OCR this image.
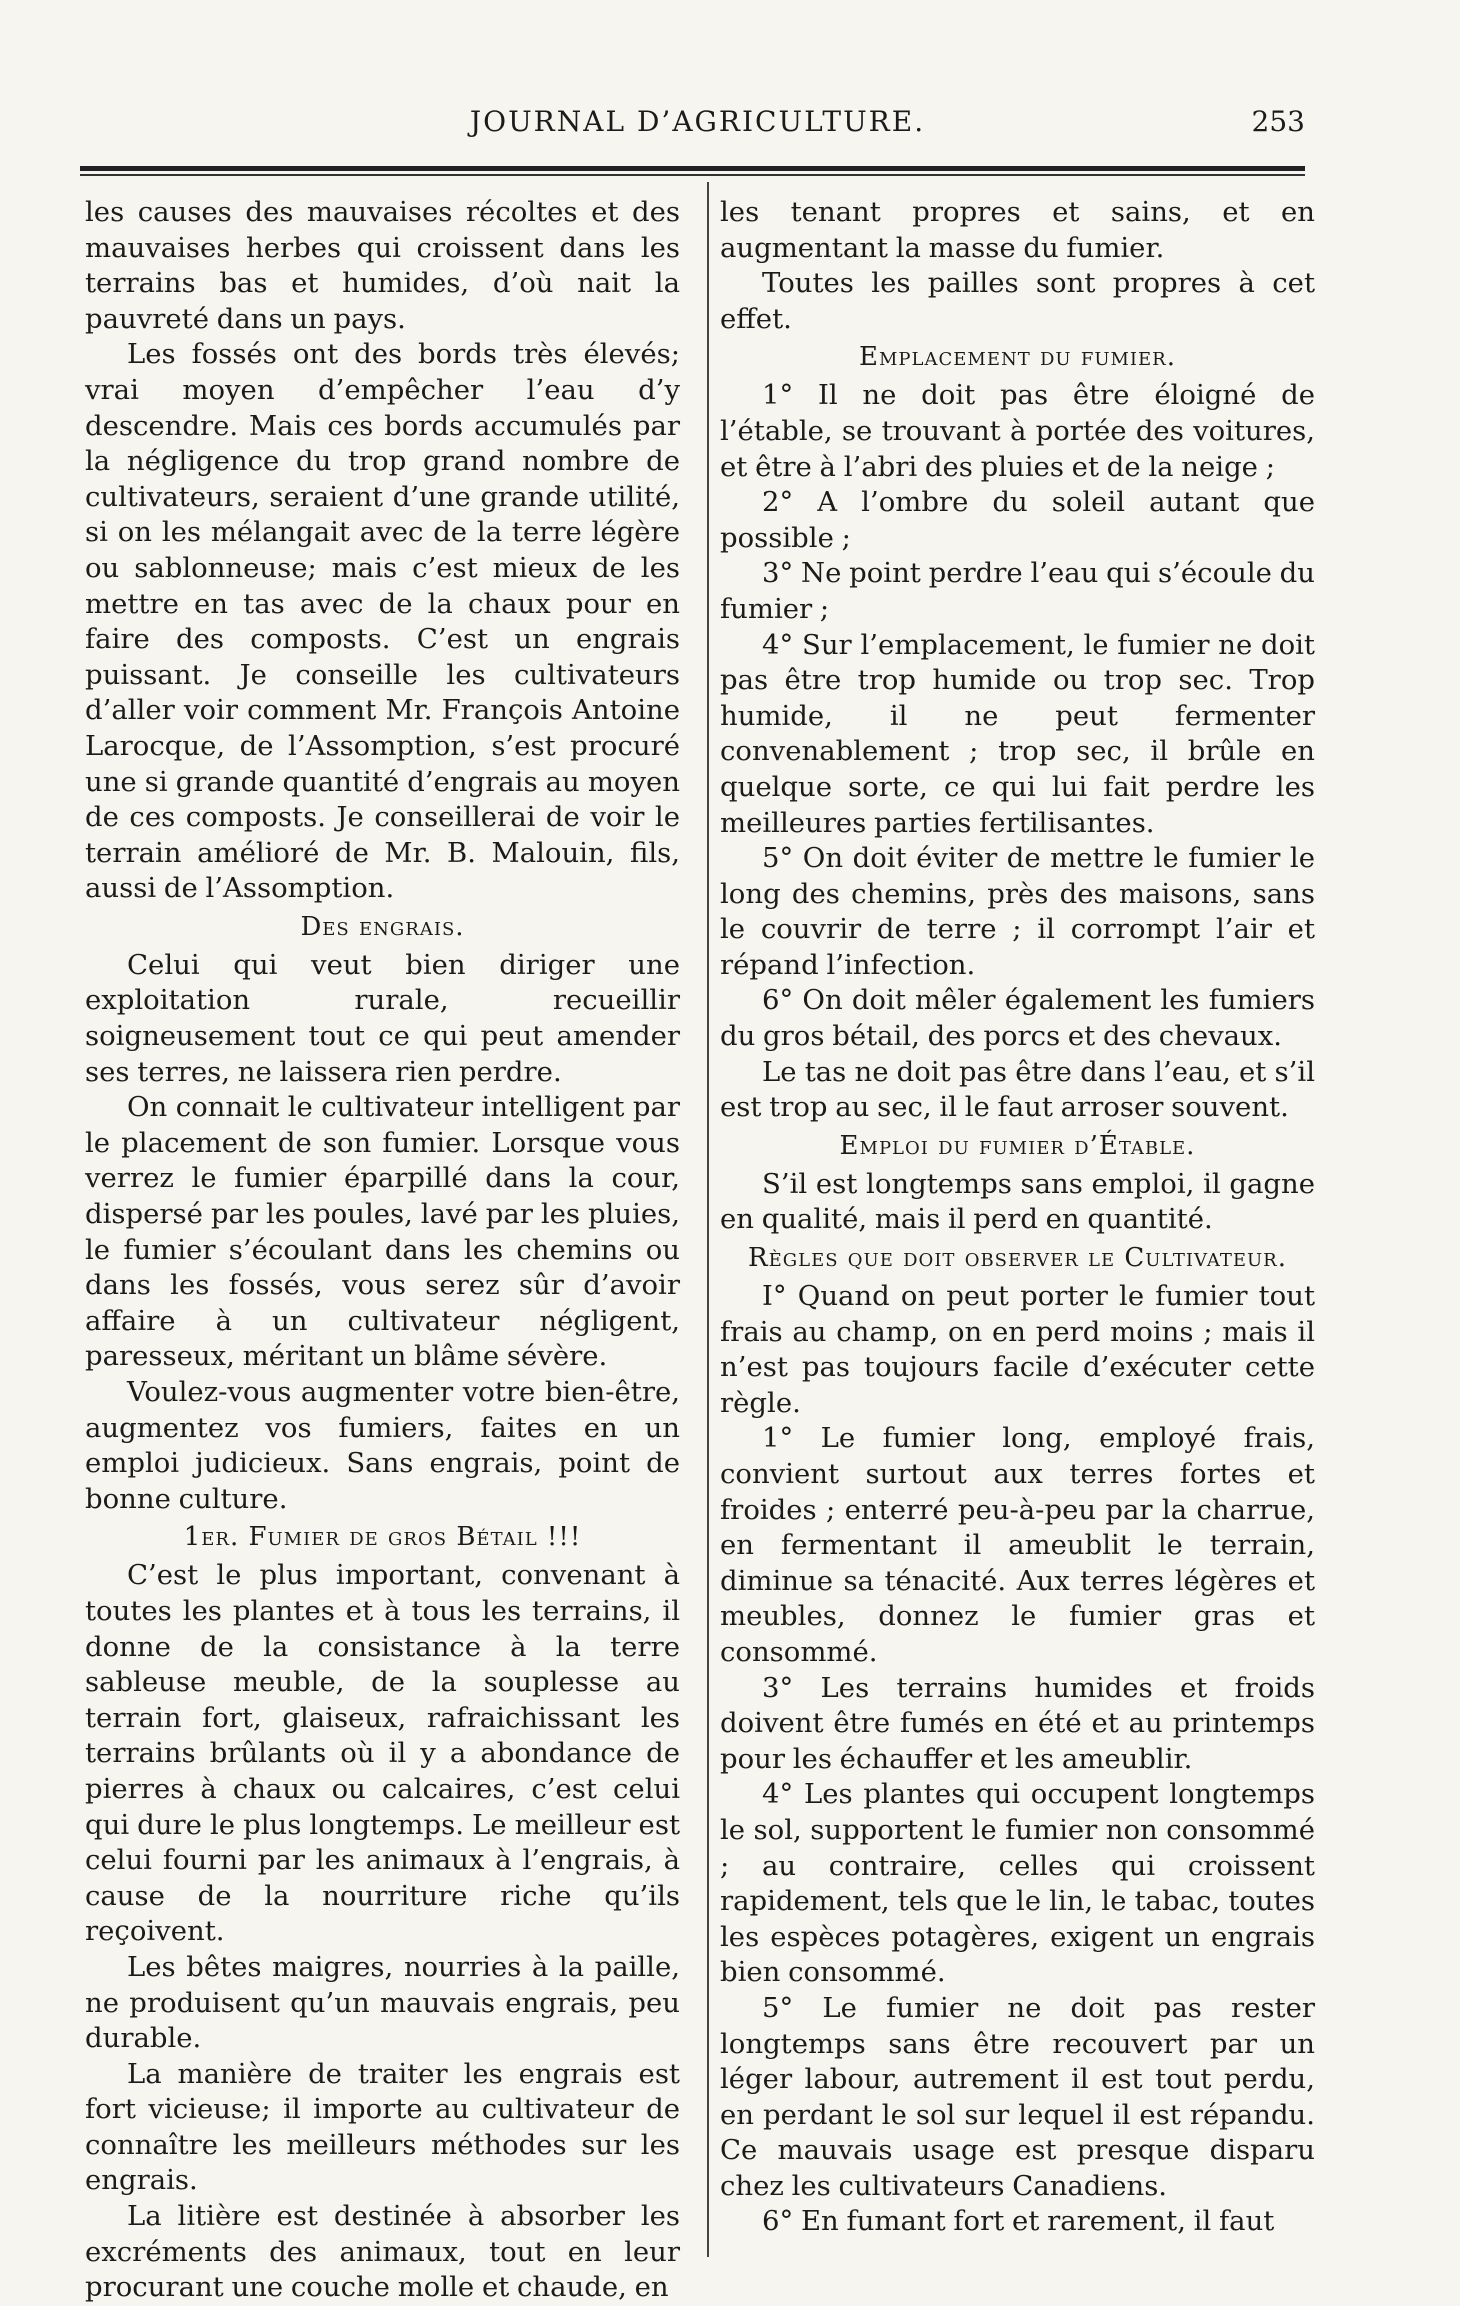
JOURNAL D’AGRICULTURE.	253

les causes des mauvaises récoltes et des mauvaises herbes qui croissent dans les terrains bas et humides, d’où nait la pauvreté dans un pays.

Les fossés ont des bords très élevés; vrai moyen d’empêcher l’eau d’y descendre. Mais ces bords accumulés par la négligence du trop grand nombre de cultivateurs, seraient d’une grande utilité, si on les mélangait avec de la terre légère ou sablonneuse; mais c’est mieux de les mettre en tas avec de la chaux pour en faire des composts. C’est un engrais puissant. Je conseille les cultivateurs d’aller voir comment Mr. François Antoine Larocque, de l’Assomption, s’est procuré une si grande quantité d’engrais au moyen de ces composts. Je conseillerai de voir le terrain amélioré de Mr. B. Malouin, fils, aussi de l’Assomption.

Des engrais.

Celui qui veut bien diriger une exploitation rurale, recueillir soigneusement tout ce qui peut amender ses terres, ne laissera rien perdre.

On connait le cultivateur intelligent par le placement de son fumier. Lorsque vous verrez le fumier éparpillé dans la cour, dispersé par les poules, lavé par les pluies, le fumier s’écoulant dans les chemins ou dans les fossés, vous serez sûr d’avoir affaire à un cultivateur négligent, paresseux, méritant un blâme sévère.

Voulez-vous augmenter votre bien-être, augmentez vos fumiers, faites en un emploi judicieux. Sans engrais, point de bonne culture.

1er. Fumier de gros Bétail !!!

C’est le plus important, convenant à toutes les plantes et à tous les terrains, il donne de la consistance à la terre sableuse meuble, de la souplesse au terrain fort, glaiseux, rafraichissant les terrains brûlants où il y a abondance de pierres à chaux ou calcaires, c’est celui qui dure le plus longtemps. Le meilleur est celui fourni par les animaux à l’engrais, à cause de la nourriture riche qu’ils reçoivent.

Les bêtes maigres, nourries à la paille, ne produisent qu’un mauvais engrais, peu durable.

La manière de traiter les engrais est fort vicieuse; il importe au cultivateur de connaître les meilleurs méthodes sur les engrais.

La litière est destinée à absorber les excréments des animaux, tout en leur procurant une couche molle et chaude, en

les tenant propres et sains, et en augmentant la masse du fumier.

Toutes les pailles sont propres à cet effet.

Emplacement du fumier.

1° Il ne doit pas être éloigné de l’étable, se trouvant à portée des voitures, et être à l’abri des pluies et de la neige ;

2° A l’ombre du soleil autant que possible ;

3° Ne point perdre l’eau qui s’écoule du fumier ;

4° Sur l’emplacement, le fumier ne doit pas être trop humide ou trop sec. Trop humide, il ne peut fermenter convenablement ; trop sec, il brûle en quelque sorte, ce qui lui fait perdre les meilleures parties fertilisantes.

5° On doit éviter de mettre le fumier le long des chemins, près des maisons, sans le couvrir de terre ; il corrompt l’air et répand l’infection.

6° On doit mêler également les fumiers du gros bétail, des porcs et des chevaux.

Le tas ne doit pas être dans l’eau, et s’il est trop au sec, il le faut arroser souvent.

Emploi du fumier d’Étable.

S’il est longtemps sans emploi, il gagne en qualité, mais il perd en quantité.

Règles que doit observer le Cultivateur.

I° Quand on peut porter le fumier tout frais au champ, on en perd moins ; mais il n’est pas toujours facile d’exécuter cette règle.

1° Le fumier long, employé frais, convient surtout aux terres fortes et froides ; enterré peu-à-peu par la charrue, en fermentant il ameublit le terrain, diminue sa ténacité. Aux terres légères et meubles, donnez le fumier gras et consommé.

3° Les terrains humides et froids doivent être fumés en été et au printemps pour les échauffer et les ameublir.

4° Les plantes qui occupent longtemps le sol, supportent le fumier non consommé ; au contraire, celles qui croissent rapidement, tels que le lin, le tabac, toutes les espèces potagères, exigent un engrais bien consommé.

5° Le fumier ne doit pas rester longtemps sans être recouvert par un léger labour, autrement il est tout perdu, en perdant le sol sur lequel il est répandu. Ce mauvais usage est presque disparu chez les cultivateurs Canadiens.

6° En fumant fort et rarement, il faut
